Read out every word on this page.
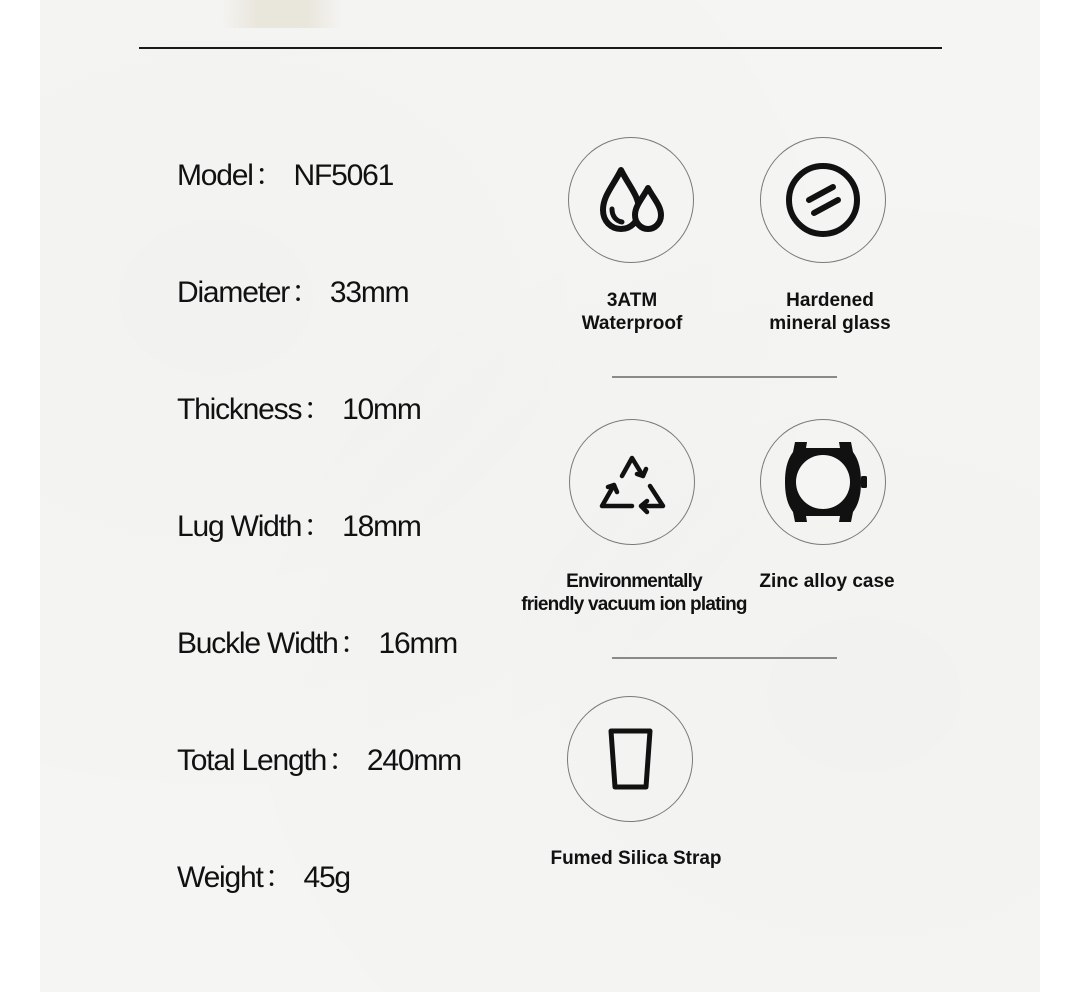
Model： NF5061
Diameter： 33mm
Thickness： 10mm
Lug Width： 18mm
Buckle Width： 16mm
Total Length： 240mm
Weight： 45g
3ATM
Waterproof
Hardened
mineral glass
Environmentally
friendly vacuum ion plating
Zinc alloy case
Fumed Silica Strap
